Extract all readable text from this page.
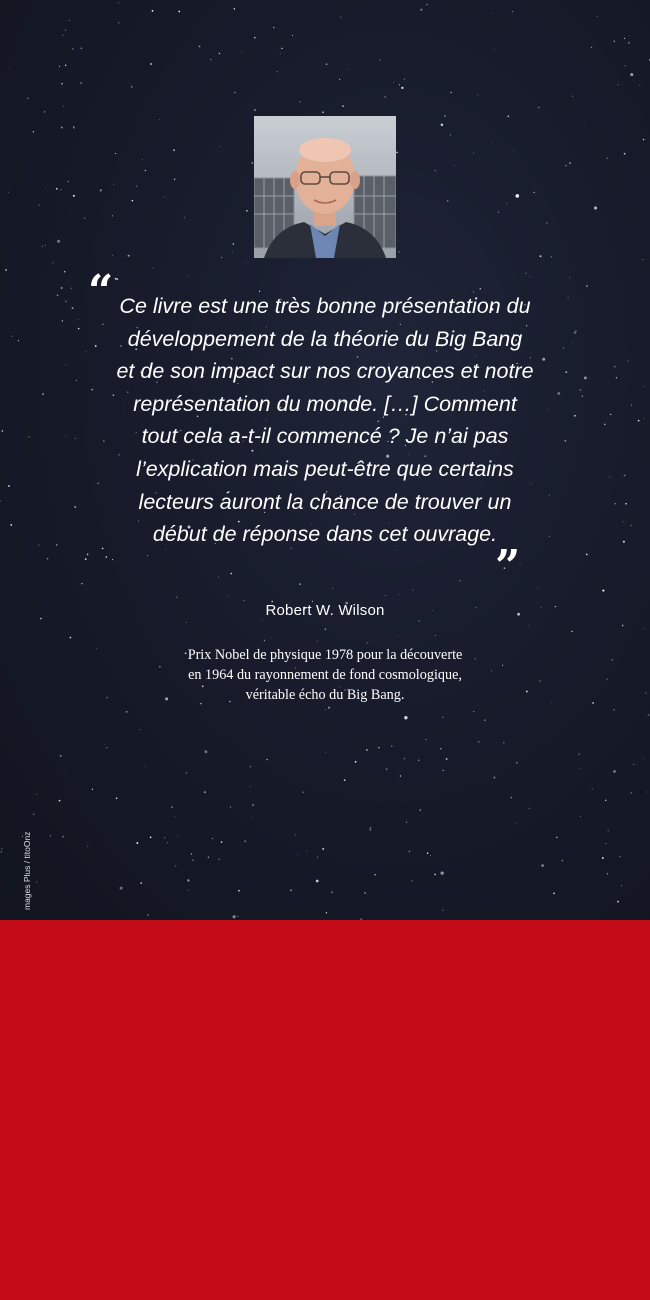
“ Ce livre est une très bonne présentation du
développement de la théorie du Big Bang
et de son impact sur nos croyances et notre
représentation du monde. […] Comment
tout cela a-t-il commencé ? Je n’ai pas
l’explication mais peut-être que certains
lecteurs auront la chance de trouver un
début de réponse dans cet ouvrage.

”
Robert W. Wilson
Prix Nobel de physique 1978 pour la découverte
en 1964 du rayonnement de fond cosmologique,
véritable écho du Big Bang.
mages Plus / titoOnz
